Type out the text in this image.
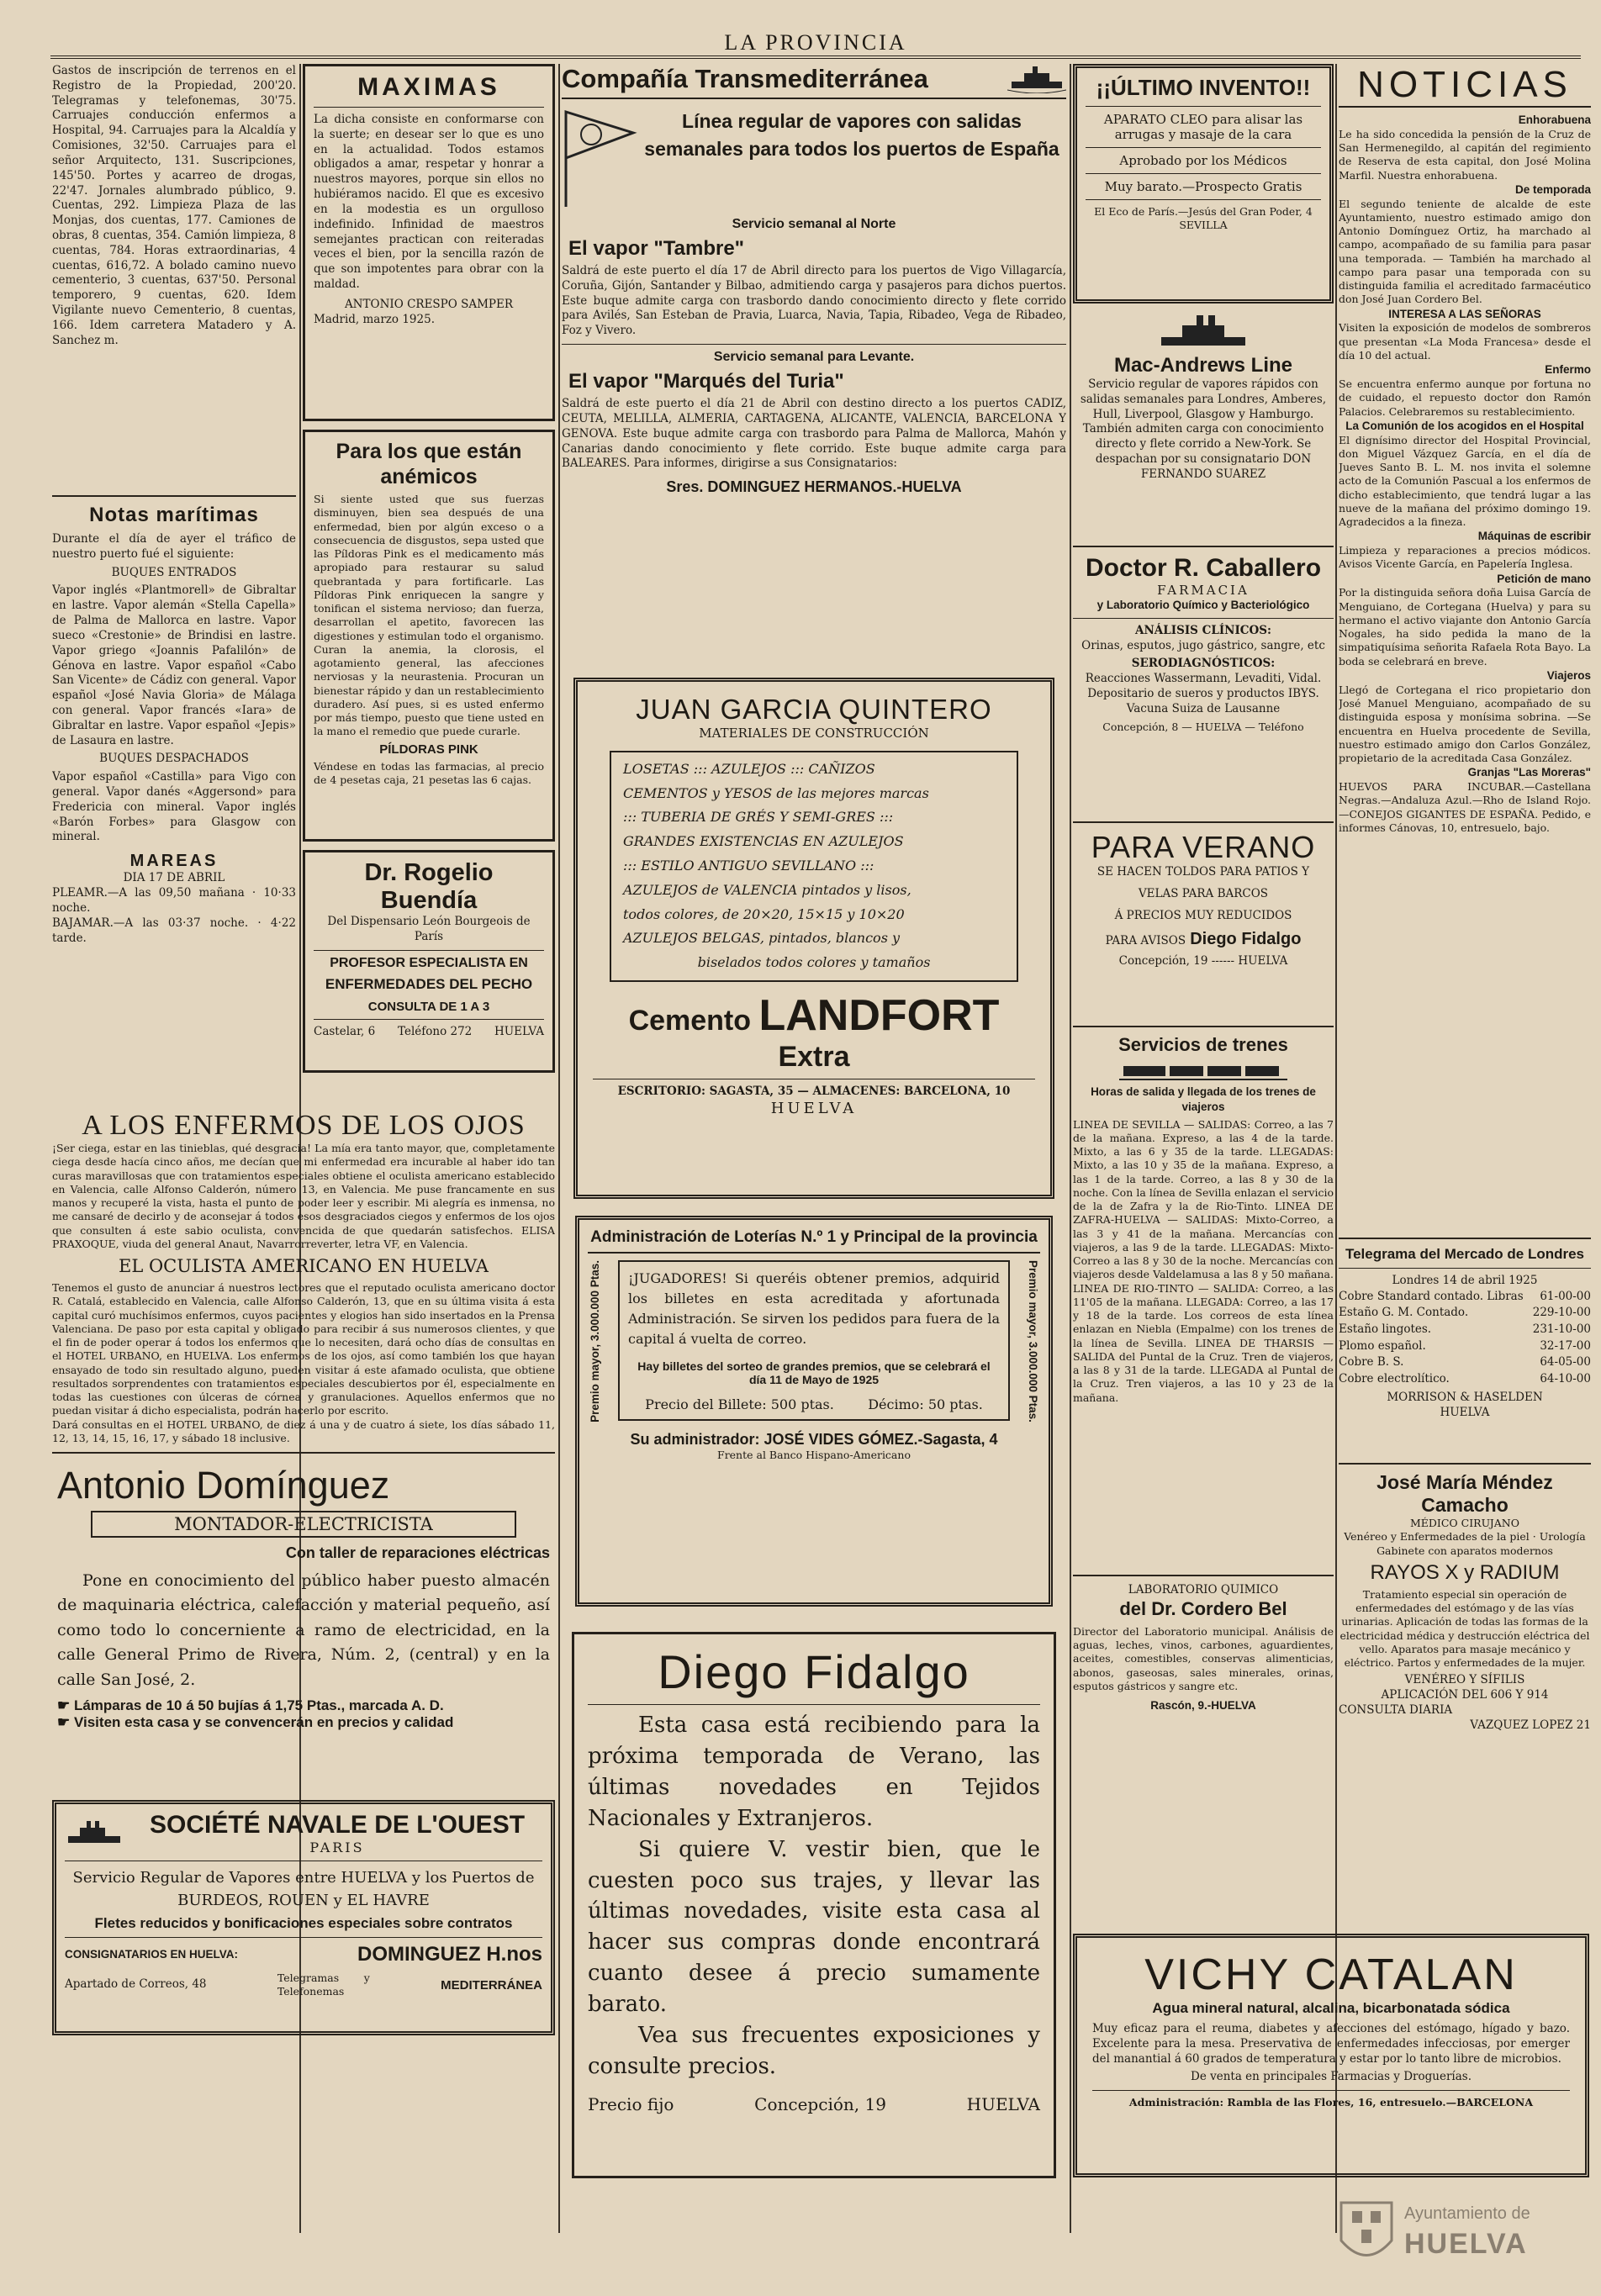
LA PROVINCIA
Gastos de inscripción de terrenos en el Registro de la Propiedad, 200'20. Telegramas y telefonemas, 30'75. Carruajes conducción enfermos a Hospital, 94. Carruajes para la Alcaldía y Comisiones, 32'50. Carruajes para el señor Arquitecto, 131. Suscripciones, 145'50. Portes y acarreo de drogas, 22'47. Jornales alumbrado público, 9. Cuentas, 292. Limpieza Plaza de las Monjas, dos cuentas, 177. Camiones de obras, 8 cuentas, 354. Camión limpieza, 8 cuentas, 784. Horas extraordinarias, 4 cuentas, 616,72. A bolado camino nuevo cementerio, 3 cuentas, 637'50. Personal temporero, 9 cuentas, 620. Idem Vigilante nuevo Cementerio, 8 cuentas, 166. Idem carretera Matadero y A. Sanchez m.
Notas marítimas
Durante el día de ayer el tráfico de nuestro puerto fué el siguiente:
BUQUES ENTRADOS
Vapor inglés «Plantmorell» de Gibraltar en lastre. Vapor alemán «Stella Capella» de Palma de Mallorca en lastre. Vapor sueco «Crestonie» de Brindisi en lastre. Vapor griego «Joannis Pafalilón» de Génova en lastre. Vapor español «Cabo San Vicente» de Cádiz con general. Vapor español «José Navia Gloria» de Málaga con general. Vapor francés «Iara» de Gibraltar en lastre. Vapor español «Jepis» de Lasaura en lastre.
BUQUES DESPACHADOS
Vapor español «Castilla» para Vigo con general. Vapor danés «Aggersond» para Fredericia con mineral. Vapor inglés «Barón Forbes» para Glasgow con mineral.
MAREAS
DIA 17 DE ABRIL
PLEAMR.—A las 09,50 mañana · 10·33 noche.
BAJAMAR.—A las 03·37 noche. · 4·22 tarde.
MAXIMAS
La dicha consiste en conformarse con la suerte; en desear ser lo que es uno en la actualidad. Todos estamos obligados a amar, respetar y honrar a nuestros mayores, porque sin ellos no hubiéramos nacido. El que es excesivo en la modestia es un orgulloso indefinido. Infinidad de maestros semejantes practican con reiteradas veces el bien, por la sencilla razón de que son impotentes para obrar con la maldad.
ANTONIO CRESPO SAMPER
Madrid, marzo 1925.
Para los que están anémicos
Si siente usted que sus fuerzas disminuyen, bien sea después de una enfermedad, bien por algún exceso o a consecuencia de disgustos, sepa usted que las Píldoras Pink es el medicamento más apropiado para restaurar su salud quebrantada y para fortificarle. Las Píldoras Pink enriquecen la sangre y tonifican el sistema nervioso; dan fuerza, desarrollan el apetito, favorecen las digestiones y estimulan todo el organismo. Curan la anemia, la clorosis, el agotamiento general, las afecciones nerviosas y la neurastenia. Procuran un bienestar rápido y dan un restablecimiento duradero. Así pues, si es usted enfermo por más tiempo, puesto que tiene usted en la mano el remedio que puede curarle.
PÍLDORAS PINK
Véndese en todas las farmacias, al precio de 4 pesetas caja, 21 pesetas las 6 cajas.
Dr. Rogelio Buendía
Del Dispensario León Bourgeois de París
PROFESOR ESPECIALISTA EN
ENFERMEDADES DEL PECHO
CONSULTA DE 1 A 3
Castelar, 6 Teléfono 272 HUELVA
Compañía Transmediterránea
Línea regular de vapores con salidas semanales para todos los puertos de España
Servicio semanal al Norte
El vapor "Tambre"
Saldrá de este puerto el día 17 de Abril directo para los puertos de Vigo Villagarcía, Coruña, Gijón, Santander y Bilbao, admitiendo carga y pasajeros para dichos puertos. Este buque admite carga con trasbordo dando conocimiento directo y flete corrido para Avilés, San Esteban de Pravia, Luarca, Navia, Tapia, Ribadeo, Vega de Ribadeo, Foz y Vivero.
Servicio semanal para Levante.
El vapor "Marqués del Turia"
Saldrá de este puerto el día 21 de Abril con destino directo a los puertos CADIZ, CEUTA, MELILLA, ALMERIA, CARTAGENA, ALICANTE, VALENCIA, BARCELONA Y GENOVA. Este buque admite carga con trasbordo para Palma de Mallorca, Mahón y Canarias dando conocimiento y flete corrido. Este buque admite carga para BALEARES. Para informes, dirigirse a sus Consignatarios:
Sres. DOMINGUEZ HERMANOS.-HUELVA
JUAN GARCIA QUINTERO
MATERIALES DE CONSTRUCCIÓN
LOSETAS ::: AZULEJOS ::: CAÑIZOS
CEMENTOS y YESOS de las mejores marcas
::: TUBERIA DE GRÉS Y SEMI-GRES :::
GRANDES EXISTENCIAS EN AZULEJOS
::: ESTILO ANTIGUO SEVILLANO :::
AZULEJOS de VALENCIA pintados y lisos,
todos colores, de 20×20, 15×15 y 10×20
AZULEJOS BELGAS, pintados, blancos y
biselados todos colores y tamaños
Cemento LANDFORT Extra
ESCRITORIO: SAGASTA, 35 — ALMACENES: BARCELONA, 10
HUELVA
Administración de Loterías N.º 1 y Principal de la provincia
Premio mayor, 3.000.000 Ptas.	¡JUGADORES! Si queréis obtener premios, adquirid los billetes en esta acreditada y afortunada Administración. Se sirven los pedidos para fuera de la capital á vuelta de correo.
Hay billetes del sorteo de grandes premios, que se celebrará el día 11 de Mayo de 1925
Precio del Billete: 500 ptas.	Décimo: 50 ptas.	Premio mayor, 3.000.000 Ptas.
Su administrador: JOSÉ VIDES GÓMEZ.-Sagasta, 4
Frente al Banco Hispano-Americano
Diego Fidalgo
Esta casa está recibiendo para la próxima temporada de Verano, las últimas novedades en Tejidos Nacionales y Extranjeros.
Si quiere V. vestir bien, que le cuesten poco sus trajes, y llevar las últimas novedades, visite esta casa al hacer sus compras donde encontrará cuanto desee á precio sumamente barato.
Vea sus frecuentes exposiciones y consulte precios.
Precio fijo	Concepción, 19	HUELVA
A LOS ENFERMOS DE LOS OJOS
¡Ser ciega, estar en las tinieblas, qué desgracia! La mía era tanto mayor, que, completamente ciega desde hacía cinco años, me decían que mi enfermedad era incurable al haber ido tan curas maravillosas que con tratamientos especiales obtiene el oculista americano establecido en Valencia, calle Alfonso Calderón, número 13, en Valencia. Me puse francamente en sus manos y recuperé la vista, hasta el punto de poder leer y escribir. Mi alegría es inmensa, no me cansaré de decirlo y de aconsejar á todos esos desgraciados ciegos y enfermos de los ojos que consulten á este sabio oculista, convencida de que quedarán satisfechos. ELISA PRAXOQUE, viuda del general Anaut, Navarrorreverter, letra VF, en Valencia.
EL OCULISTA AMERICANO EN HUELVA
Tenemos el gusto de anunciar á nuestros lectores que el reputado oculista americano doctor R. Catalá, establecido en Valencia, calle Alfonso Calderón, 13, que en su última visita á esta capital curó muchísimos enfermos, cuyos pacientes y elogios han sido insertados en la Prensa Valenciana. De paso por esta capital y obligado para recibir á sus numerosos clientes, y que el fin de poder operar á todos los enfermos que lo necesiten, dará ocho días de consultas en el HOTEL URBANO, en HUELVA. Los enfermos de los ojos, así como también los que hayan ensayado de todo sin resultado alguno, pueden visitar á este afamado oculista, que obtiene resultados sorprendentes con tratamientos especiales descubiertos por él, especialmente en todas las cuestiones con úlceras de córnea y granulaciones. Aquellos enfermos que no puedan visitar á dicho especialista, podrán hacerlo por escrito.
Dará consultas en el HOTEL URBANO, de diez á una y de cuatro á siete, los días sábado 11, 12, 13, 14, 15, 16, 17, y sábado 18 inclusive.
Antonio Domínguez
MONTADOR-ELECTRICISTA
Con taller de reparaciones eléctricas
Pone en conocimiento del público haber puesto almacén de maquinaria eléctrica, calefacción y material pequeño, así como todo lo concerniente a ramo de electricidad, en la calle General Primo de Rivera, Núm. 2, (central) y en la calle San José, 2.
☛ Lámparas de 10 á 50 bujías á 1,75 Ptas., marcada A. D.
☛ Visiten esta casa y se convencerán en precios y calidad
SOCIÉTÉ NAVALE DE L'OUEST
PARIS
Servicio Regular de Vapores entre HUELVA y los Puertos de BURDEOS, ROUEN y EL HAVRE
Fletes reducidos y bonificaciones especiales sobre contratos
CONSIGNATARIOS EN HUELVA:	DOMINGUEZ H.nos
Apartado de Correos, 48	Telegramas y Telefonemas	MEDITERRÁNEA
¡¡ÚLTIMO INVENTO!!
APARATO CLEO para alisar las arrugas y masaje de la cara
Aprobado por los Médicos
Muy barato.—Prospecto Gratis
El Eco de París.—Jesús del Gran Poder, 4
SEVILLA
Mac-Andrews Line
Servicio regular de vapores rápidos con salidas semanales para Londres, Amberes, Hull, Liverpool, Glasgow y Hamburgo. También admiten carga con conocimiento directo y flete corrido a New-York. Se despachan por su consignatario DON FERNANDO SUAREZ
Doctor R. Caballero
FARMACIA
y Laboratorio Químico y Bacteriológico
ANÁLISIS CLÍNICOS:
Orinas, esputos, jugo gástrico, sangre, etc
SERODIAGNÓSTICOS:
Reacciones Wassermann, Levaditi, Vidal. Depositario de sueros y productos IBYS. Vacuna Suiza de Lausanne
Concepción, 8 — HUELVA — Teléfono
PARA VERANO
SE HACEN TOLDOS PARA PATIOS Y
VELAS PARA BARCOS
Á PRECIOS MUY REDUCIDOS
PARA AVISOS Diego Fidalgo
Concepción, 19 ------ HUELVA
Servicios de trenes
Horas de salida y llegada de los trenes de viajeros
LINEA DE SEVILLA — SALIDAS: Correo, a las 7 de la mañana. Expreso, a las 4 de la tarde. Mixto, a las 6 y 35 de la tarde. LLEGADAS: Mixto, a las 10 y 35 de la mañana. Expreso, a las 1 de la tarde. Correo, a las 8 y 30 de la noche. Con la línea de Sevilla enlazan el servicio de la de Zafra y la de Rio-Tinto. LINEA DE ZAFRA-HUELVA — SALIDAS: Mixto-Correo, a las 3 y 41 de la mañana. Mercancías con viajeros, a las 9 de la tarde. LLEGADAS: Mixto-Correo a las 8 y 30 de la noche. Mercancías con viajeros desde Valdelamusa a las 8 y 50 mañana. LINEA DE RIO-TINTO — SALIDA: Correo, a las 11'05 de la mañana. LLEGADA: Correo, a las 17 y 18 de la tarde. Los correos de esta línea enlazan en Niebla (Empalme) con los trenes de la línea de Sevilla. LINEA DE THARSIS — SALIDA del Puntal de la Cruz. Tren de viajeros, a las 8 y 31 de la tarde. LLEGADA al Puntal de la Cruz. Tren viajeros, a las 10 y 23 de la mañana.
LABORATORIO QUIMICO
del Dr. Cordero Bel
Director del Laboratorio municipal. Análisis de aguas, leches, vinos, carbones, aguardientes, aceites, comestibles, conservas alimenticias, abonos, gaseosas, sales minerales, orinas, esputos gástricos y sangre etc.
Rascón, 9.-HUELVA
NOTICIAS
Enhorabuena
Le ha sido concedida la pensión de la Cruz de San Hermenegildo, al capitán del regimiento de Reserva de esta capital, don José Molina Marfil. Nuestra enhorabuena.
De temporada
El segundo teniente de alcalde de este Ayuntamiento, nuestro estimado amigo don Antonio Domínguez Ortiz, ha marchado al campo, acompañado de su familia para pasar una temporada. — También ha marchado al campo para pasar una temporada con su distinguida familia el acreditado farmacéutico don José Juan Cordero Bel.
INTERESA A LAS SEÑORAS
Visiten la exposición de modelos de sombreros que presentan «La Moda Francesa» desde el día 10 del actual.
Enfermo
Se encuentra enfermo aunque por fortuna no de cuidado, el repuesto doctor don Ramón Palacios. Celebraremos su restablecimiento.
La Comunión de los acogidos en el Hospital
El dignísimo director del Hospital Provincial, don Miguel Vázquez García, en el día de Jueves Santo B. L. M. nos invita el solemne acto de la Comunión Pascual a los enfermos de dicho establecimiento, que tendrá lugar a las nueve de la mañana del próximo domingo 19. Agradecidos a la fineza.
Máquinas de escribir
Limpieza y reparaciones a precios módicos. Avisos Vicente García, en Papelería Inglesa.
Petición de mano
Por la distinguida señora doña Luisa García de Menguiano, de Cortegana (Huelva) y para su hermano el activo viajante don Antonio García Nogales, ha sido pedida la mano de la simpatiquísima señorita Rafaela Rota Bayo. La boda se celebrará en breve.
Viajeros
Llegó de Cortegana el rico propietario don José Manuel Menguiano, acompañado de su distinguida esposa y monísima sobrina. —Se encuentra en Huelva procedente de Sevilla, nuestro estimado amigo don Carlos González, propietario de la acreditada Casa González.
Granjas "Las Moreras"
HUEVOS PARA INCUBAR.—Castellana Negras.—Andaluza Azul.—Rho de Island Rojo.—CONEJOS GIGANTES DE ESPAÑA. Pedido, e informes Cánovas, 10, entresuelo, bajo.
Telegrama del Mercado de Londres
Londres 14 de abril 1925
Cobre Standard contado. Libras 61-00-00
Estaño G. M. Contado.	229-10-00
Estaño lingotes.	231-10-00
Plomo español.	32-17-00
Cobre B. S.	64-05-00
Cobre electrolítico.	64-10-00
MORRISON & HASELDEN
HUELVA
José María Méndez Camacho
MÉDICO CIRUJANO
Venéreo y Enfermedades de la piel · Urología
Gabinete con aparatos modernos
RAYOS X y RADIUM
Tratamiento especial sin operación de enfermedades del estómago y de las vías urinarias. Aplicación de todas las formas de la electricidad médica y destrucción eléctrica del vello. Aparatos para masaje mecánico y eléctrico. Partos y enfermedades de la mujer.
VENÉREO Y SÍFILIS
APLICACIÓN DEL 606 Y 914
CONSULTA DIARIA
VAZQUEZ LOPEZ 21
VICHY CATALAN
Agua mineral natural, alcalina, bicarbonatada sódica
Muy eficaz para el reuma, diabetes y afecciones del estómago, hígado y bazo. Excelente para la mesa. Preservativa de enfermedades infecciosas, por emerger del manantial á 60 grados de temperatura y estar por lo tanto libre de microbios.
De venta en principales Farmacias y Droguerías.
Administración: Rambla de las Flores, 16, entresuelo.—BARCELONA
Ayuntamiento de
HUELVA
